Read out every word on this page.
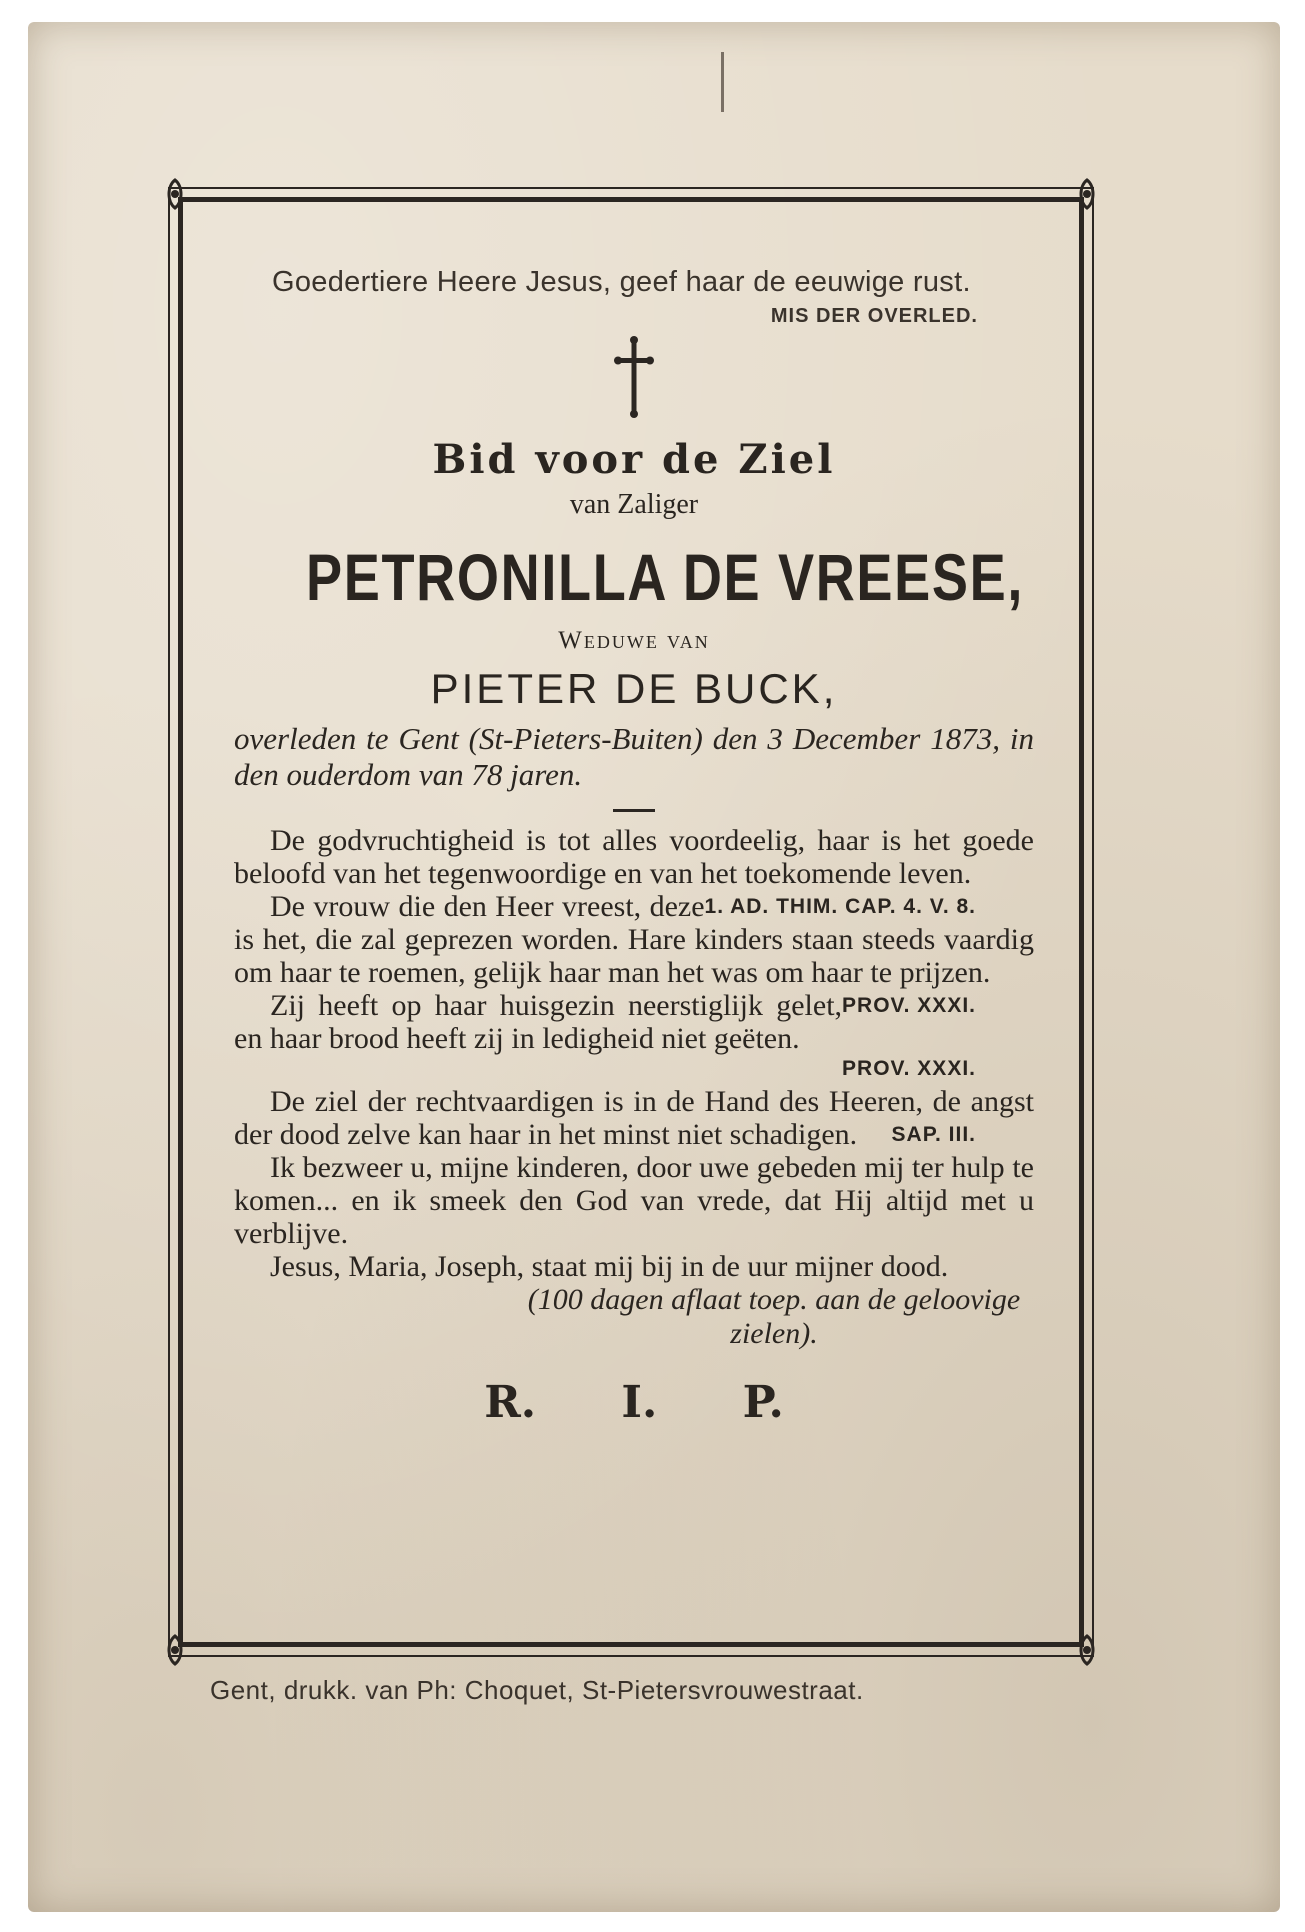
Goedertiere Heere Jesus, geef haar de eeuwige rust.
MIS DER OVERLED.
Bid voor de Ziel
van Zaliger
PETRONILLA DE VREESE,
Weduwe van
PIETER DE BUCK,
overleden te Gent (St-Pieters-Buiten) den 3 December 1873, in den ouderdom van 78 jaren.

De godvruchtigheid is tot alles voordeelig, haar is het goede beloofd van het tegenwoordige en van het toekomende leven.
1. AD. THIM. CAP. 4. V. 8.

De vrouw die den Heer vreest, deze is het, die zal geprezen worden. Hare kinders staan steeds vaardig om haar te roemen, gelijk haar man het was om haar te prijzen.
PROV. XXXI.

Zij heeft op haar huisgezin neerstiglijk gelet, en haar brood heeft zij in ledigheid niet geëten.

PROV. XXXI.

De ziel der rechtvaardigen is in de Hand des Heeren, de angst der dood zelve kan haar in het minst niet schadigen. SAP. III.

Ik bezweer u, mijne kinderen, door uwe gebeden mij ter hulp te komen... en ik smeek den God van vrede, dat Hij altijd met u verblijve.

Jesus, Maria, Joseph, staat mij bij in de uur mijner dood.

(100 dagen aflaat toep. aan de geloovige zielen).
R. I. P.
Gent, drukk. van Ph: Choquet, St-Pietersvrouwestraat.
